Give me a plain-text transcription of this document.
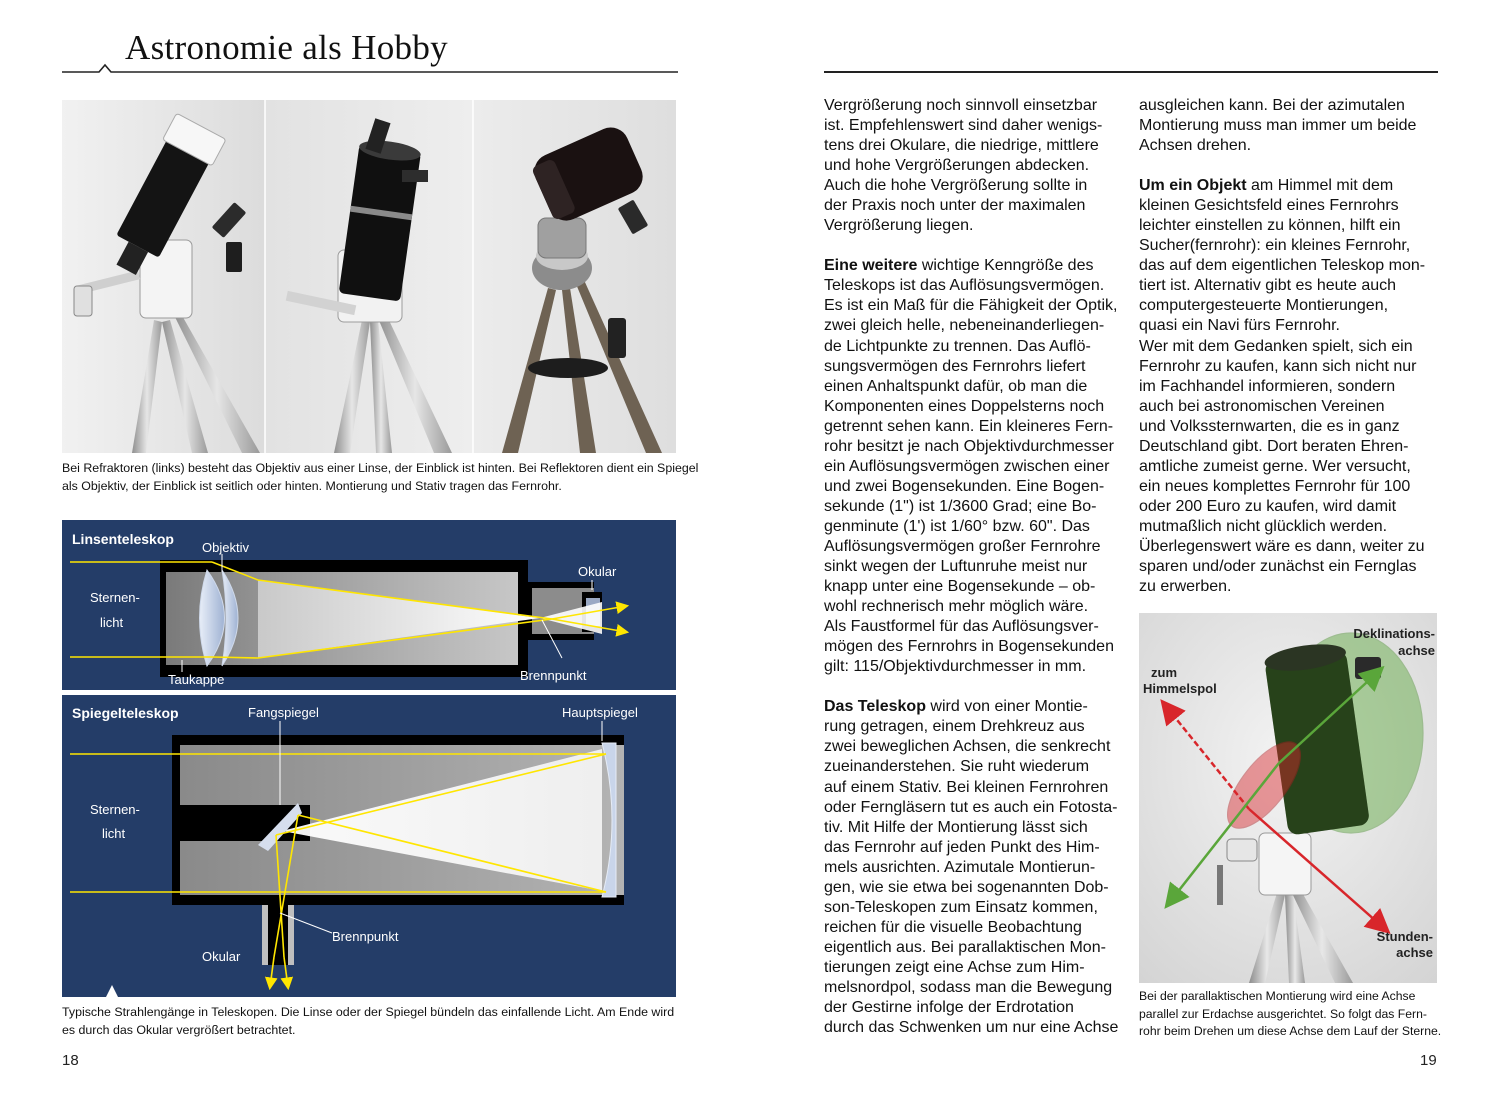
Astronomie als Hobby
Bei Refraktoren (links) besteht das Objektiv aus einer Linse, der Einblick ist hinten. Bei Reflektoren dient ein Spiegel
als Objektiv, der Einblick ist seitlich oder hinten. Montierung und Stativ tragen das Fernrohr.
Linsenteleskop
Objektiv
Okular
Sternen-
licht
Taukappe	Brennpunkt
Spiegelteleskop	Fangspiegel	Hauptspiegel
Sternen-
licht
Brennpunkt
Okular
Typische Strahlengänge in Teleskopen. Die Linse oder der Spiegel bündeln das einfallende Licht. Am Ende wird
es durch das Okular vergrößert betrachtet.
18

Vergrößerung noch sinnvoll einsetzbar
ist. Empfehlenswert sind daher wenigs-
tens drei Okulare, die niedrige, mittlere
und hohe Vergrößerungen abdecken.
Auch die hohe Vergrößerung sollte in
der Praxis noch unter der maximalen
Vergrößerung liegen.

Eine weitere wichtige Kenngröße des
Teleskops ist das Auflösungsvermögen.
Es ist ein Maß für die Fähigkeit der Optik,
zwei gleich helle, nebeneinanderliegen-
de Lichtpunkte zu trennen. Das Auflö-
sungsvermögen des Fernrohrs liefert
einen Anhaltspunkt dafür, ob man die
Komponenten eines Doppelsterns noch
getrennt sehen kann. Ein kleineres Fern-
rohr besitzt je nach Objektivdurchmesser
ein Auflösungsvermögen zwischen einer
und zwei Bogensekunden. Eine Bogen-
sekunde (1") ist 1/3600 Grad; eine Bo-
genminute (1') ist 1/60° bzw. 60". Das
Auflösungsvermögen großer Fernrohre
sinkt wegen der Luftunruhe meist nur
knapp unter eine Bogensekunde – ob-
wohl rechnerisch mehr möglich wäre.
Als Faustformel für das Auflösungsver-
mögen des Fernrohrs in Bogensekunden
gilt: 115/Objektivdurchmesser in mm.

Das Teleskop wird von einer Montie-
rung getragen, einem Drehkreuz aus
zwei beweglichen Achsen, die senkrecht
zueinanderstehen. Sie ruht wiederum
auf einem Stativ. Bei kleinen Fernrohren
oder Ferngläsern tut es auch ein Fotosta-
tiv. Mit Hilfe der Montierung lässt sich
das Fernrohr auf jeden Punkt des Him-
mels ausrichten. Azimutale Montierun-
gen, wie sie etwa bei sogenannten Dob-
son-Teleskopen zum Einsatz kommen,
reichen für die visuelle Beobachtung
eigentlich aus. Bei parallaktischen Mon-
tierungen zeigt eine Achse zum Him-
melsnordpol, sodass man die Bewegung
der Gestirne infolge der Erdrotation
durch das Schwenken um nur eine Achse

ausgleichen kann. Bei der azimutalen
Montierung muss man immer um beide
Achsen drehen.

Um ein Objekt am Himmel mit dem
kleinen Gesichtsfeld eines Fernrohrs
leichter einstellen zu können, hilft ein
Sucher(fernrohr): ein kleines Fernrohr,
das auf dem eigentlichen Teleskop mon-
tiert ist. Alternativ gibt es heute auch
computergesteuerte Montierungen,
quasi ein Navi fürs Fernrohr.
Wer mit dem Gedanken spielt, sich ein
Fernrohr zu kaufen, kann sich nicht nur
im Fachhandel informieren, sondern
auch bei astronomischen Vereinen
und Volkssternwarten, die es in ganz
Deutschland gibt. Dort beraten Ehren-
amtliche zumeist gerne. Wer versucht,
ein neues komplettes Fernrohr für 100
oder 200 Euro zu kaufen, wird damit
mutmaßlich nicht glücklich werden.
Überlegenswert wäre es dann, weiter zu
sparen und/oder zunächst ein Fernglas
zu erwerben.

Deklinations-
achse
zum
Himmelspol
Stunden-
achse
Bei der parallaktischen Montierung wird eine Achse
parallel zur Erdachse ausgerichtet. So folgt das Fern-
rohr beim Drehen um diese Achse dem Lauf der Sterne.
19
